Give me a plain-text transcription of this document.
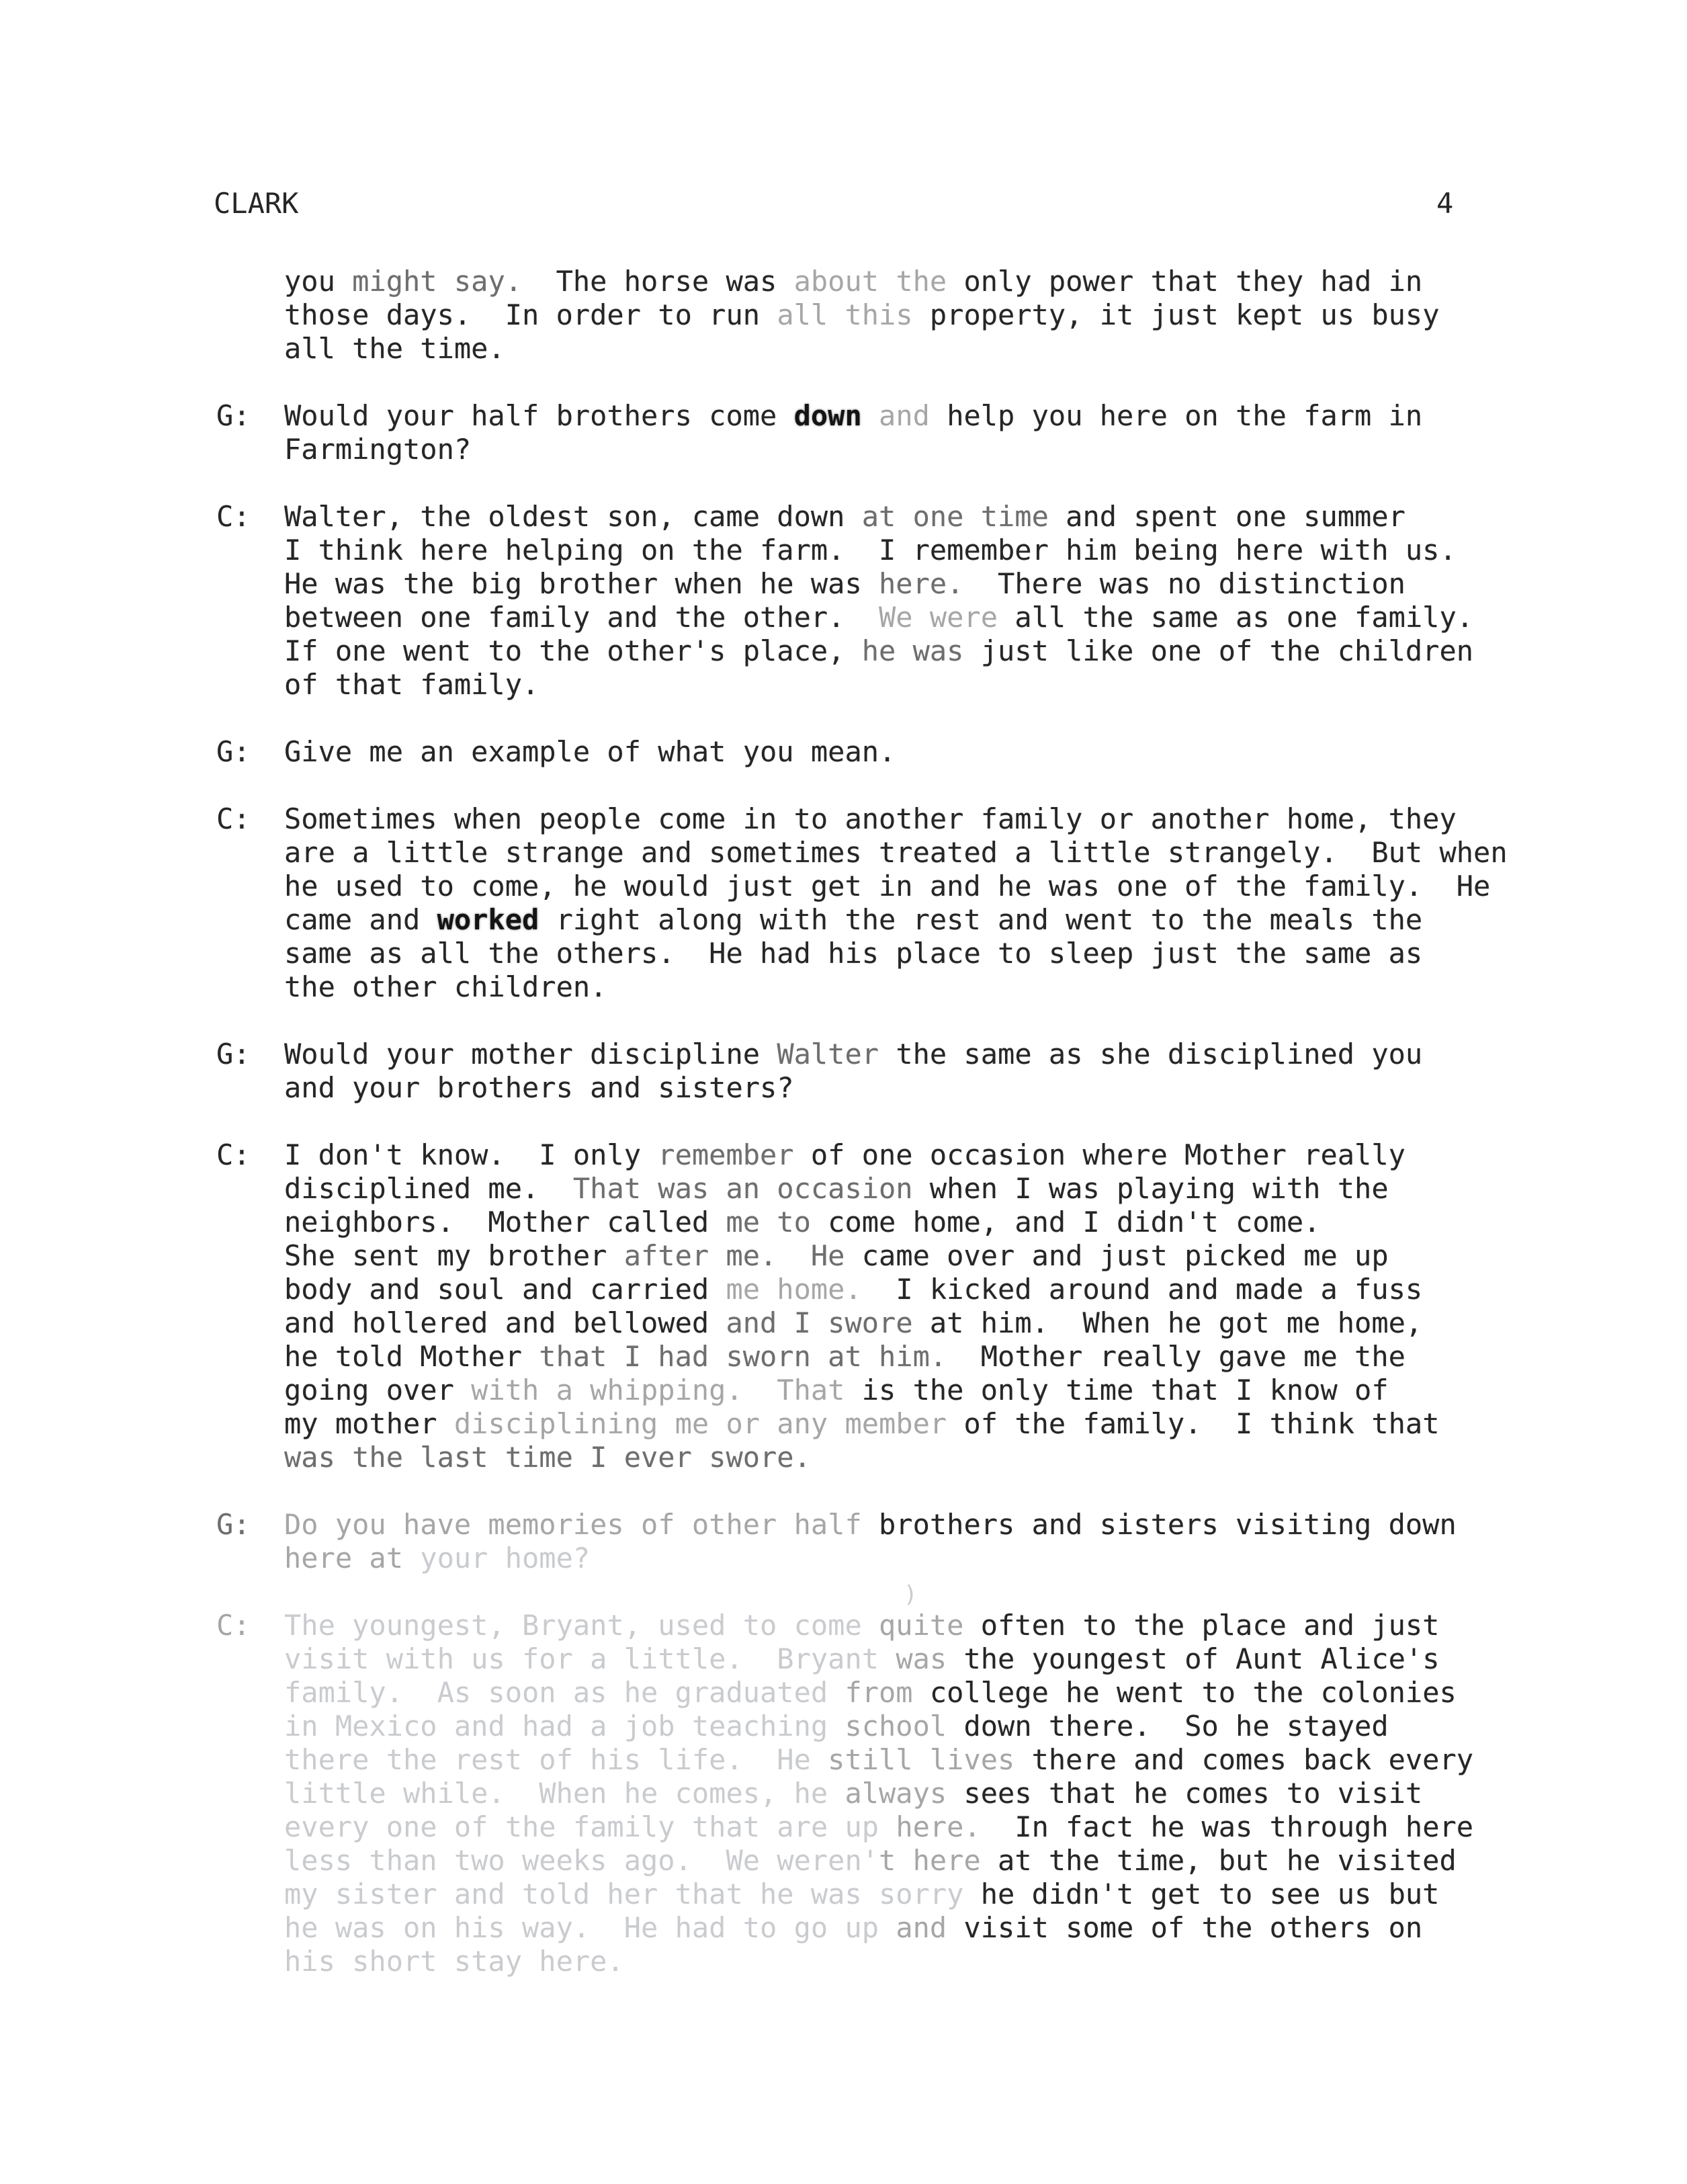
CLARK	4
you might say.  The horse was about the only power that they had in
those days.  In order to run all this property, it just kept us busy
all the time.
G: Would your half brothers come down and help you here on the farm in
Farmington?
C: Walter, the oldest son, came down at one time and spent one summer
I think here helping on the farm.  I remember him being here with us.
He was the big brother when he was here.  There was no distinction
between one family and the other.  We were all the same as one family.
If one went to the other's place, he was just like one of the children
of that family.
G: Give me an example of what you mean.
C: Sometimes when people come in to another family or another home, they
are a little strange and sometimes treated a little strangely.  But when
he used to come, he would just get in and he was one of the family.  He
came and worked right along with the rest and went to the meals the
same as all the others.  He had his place to sleep just the same as
the other children.
G: Would your mother discipline Walter the same as she disciplined you
and your brothers and sisters?
C: I don't know.  I only remember of one occasion where Mother really
disciplined me.  That was an occasion when I was playing with the
neighbors.  Mother called me to come home, and I didn't come.
She sent my brother after me.  He came over and just picked me up
body and soul and carried me home.  I kicked around and made a fuss
and hollered and bellowed and I swore at him.  When he got me home,
he told Mother that I had sworn at him.  Mother really gave me the
going over with a whipping.  That is the only time that I know of
my mother disciplining me or any member of the family.  I think that
was the last time I ever swore.
G: Do you have memories of other half brothers and sisters visiting down
here at your home?
C: The youngest, Bryant, used to come quite often to the place and just
visit with us for a little.  Bryant was the youngest of Aunt Alice's
family.  As soon as he graduated from college he went to the colonies
in Mexico and had a job teaching school down there.  So he stayed
there the rest of his life.  He still lives there and comes back every
little while.  When he comes, he always sees that he comes to visit
every one of the family that are up here.  In fact he was through here
less than two weeks ago.  We weren't here at the time, but he visited
my sister and told her that he was sorry he didn't get to see us but
he was on his way.  He had to go up and visit some of the others on
his short stay here.
)
